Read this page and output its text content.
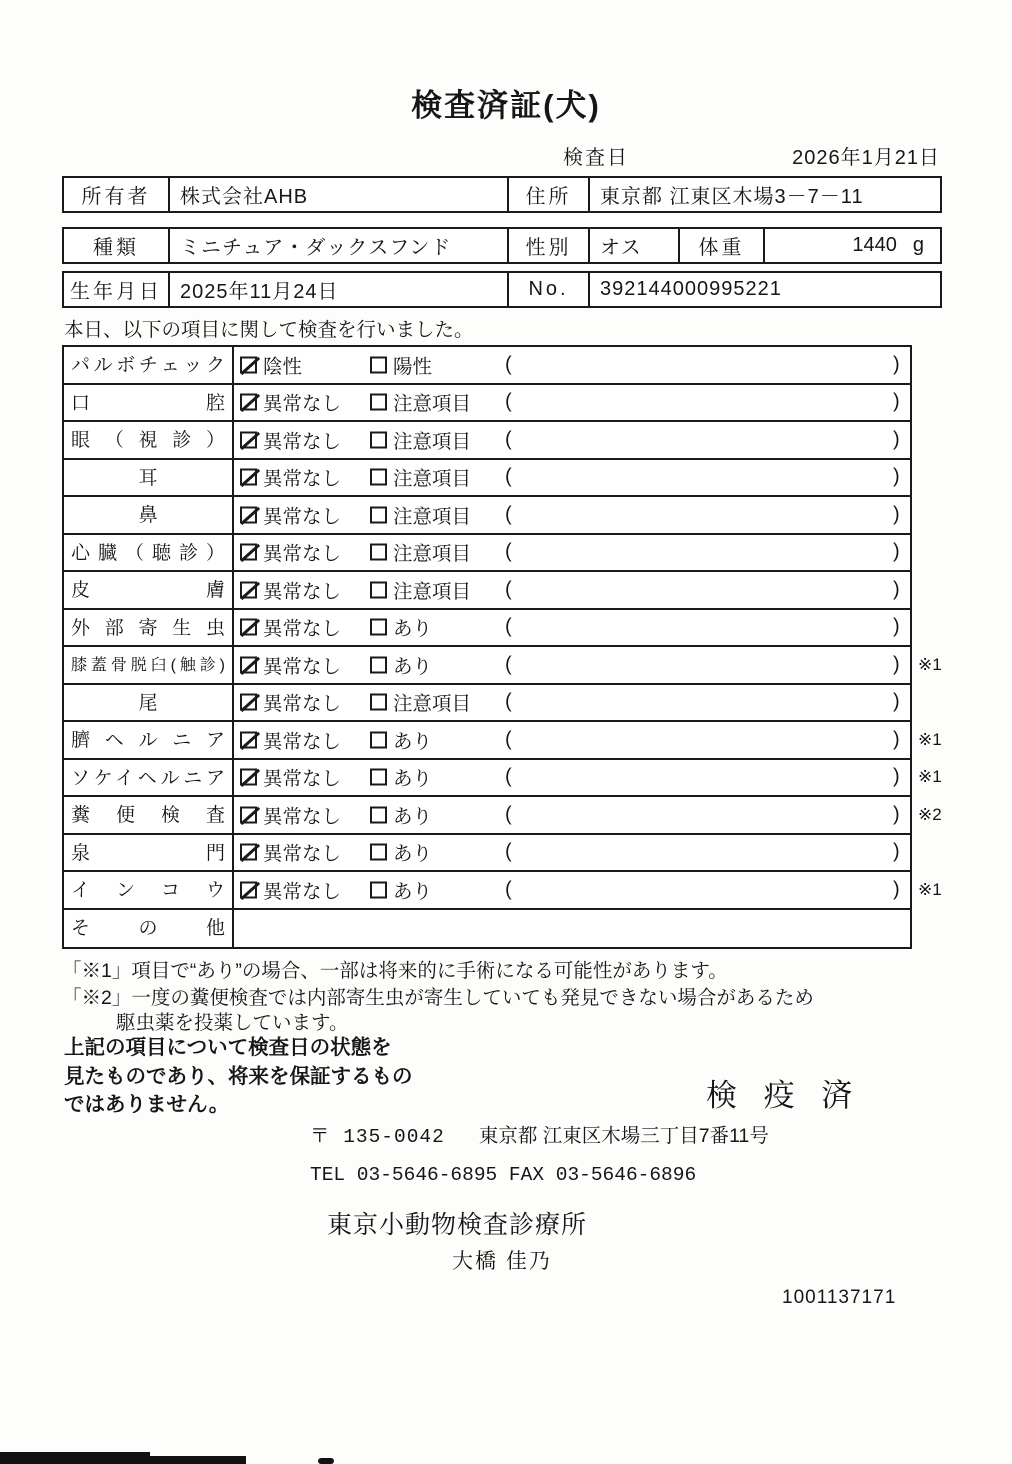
検査済証(犬)
検査日	2026年1月21日
所有者	株式会社AHB	住所	東京都 江東区木場3－7－11
種類	ミニチュア・ダックスフンド	性別	オス	体重	1440 g
生年月日 2025年11月24日	No.	392144000995221
本日、以下の項目に関して検査を行いました。
パルボチェック	陰性	陽性	(	)
口腔	異常なし	注意項目 (	)
眼（視診）	異常なし	注意項目 (	)
耳	異常なし	注意項目 (	)
鼻	異常なし	注意項目 (	)
心臓（聴診）	異常なし	注意項目 (	)
皮膚	異常なし	注意項目 (	)
外部寄生虫	異常なし	あり	(	)
膝蓋骨脱臼(触診)	異常なし	あり	(	) ※1
尾	異常なし	注意項目 (	)
臍ヘルニア	異常なし	あり	(	) ※1
ソケイヘルニア	異常なし	あり	(	) ※1
糞便検査	異常なし	あり	(	) ※2
泉門	異常なし	あり	(	)
インコウ	異常なし	あり	(	) ※1
その他
「※1」項目で“あり”の場合、一部は将来的に手術になる可能性があります。
「※2」一度の糞便検査では内部寄生虫が寄生していても発見できない場合があるため
駆虫薬を投薬しています。
上記の項目について検査日の状態を
見たものであり、将来を保証するもの
ではありません。	検 疫 済
〒 135-0042 東京都 江東区木場三丁目7番11号
TEL 03-5646-6895 FAX 03-5646-6896
東京小動物検査診療所
大橋 佳乃
1001137171
